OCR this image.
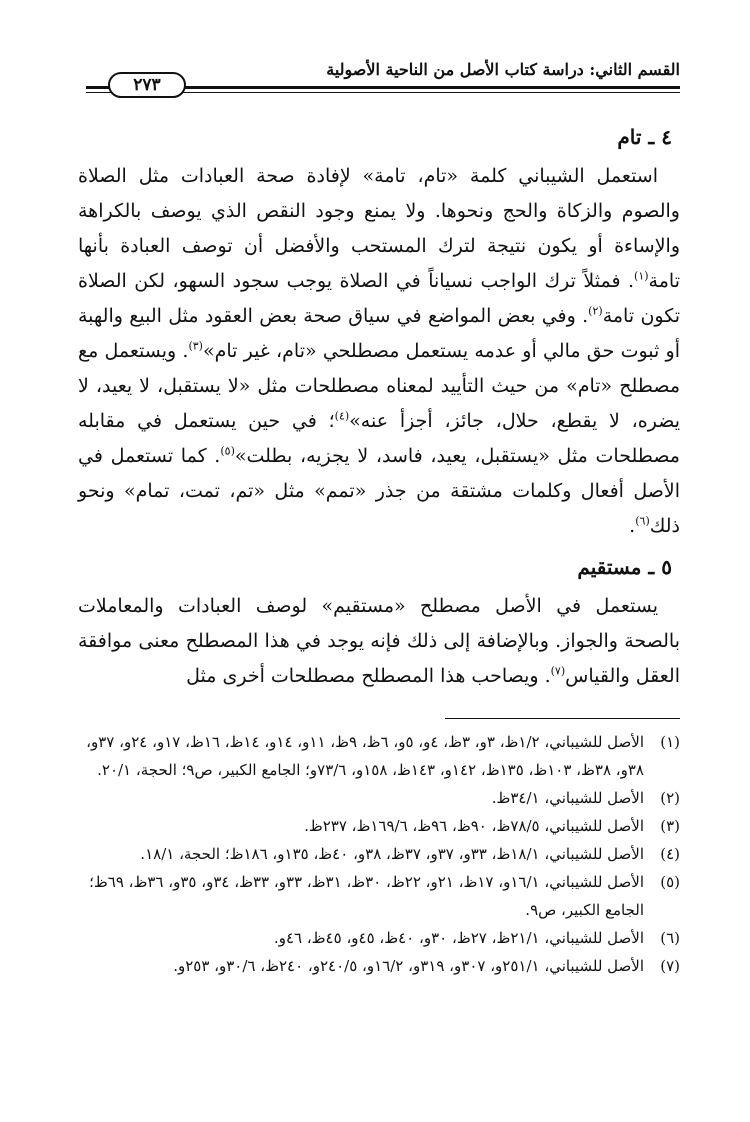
القسم الثاني: دراسة كتاب الأصل من الناحية الأصولية
٢٧٣
٤ ـ تام

استعمل الشيباني كلمة «تام، تامة» لإفادة صحة العبادات مثل الصلاة والصوم والزكاة والحج ونحوها. ولا يمنع وجود النقص الذي يوصف بالكراهة والإساءة أو يكون نتيجة لترك المستحب والأفضل أن توصف العبادة بأنها تامة$^{(١)}$. فمثلاً ترك الواجب نسياناً في الصلاة يوجب سجود السهو، لكن الصلاة تكون تامة$^{(٢)}$. وفي بعض المواضع في سياق صحة بعض العقود مثل البيع والهبة أو ثبوت حق مالي أو عدمه يستعمل مصطلحي «تام، غير تام»$^{(٣)}$. ويستعمل مع مصطلح «تام» من حيث التأييد لمعناه مصطلحات مثل «لا يستقبل، لا يعيد، لا يضره، لا يقطع، حلال، جائز، أجزأ عنه»$^{(٤)}$؛ في حين يستعمل في مقابله مصطلحات مثل «يستقبل، يعيد، فاسد، لا يجزيه، بطلت»$^{(٥)}$. كما تستعمل في الأصل أفعال وكلمات مشتقة من جذر «تمم» مثل «تم، تمت، تمام» ونحو ذلك$^{(٦)}$.

٥ ـ مستقيم

يستعمل في الأصل مصطلح «مستقيم» لوصف العبادات والمعاملات بالصحة والجواز. وبالإضافة إلى ذلك فإنه يوجد في هذا المصطلح معنى موافقة العقل والقياس$^{(٧)}$. ويصاحب هذا المصطلح مصطلحات أخرى مثل

(١)
الأصل للشيباني، ١/٢ظ، ٣و، ٣ظ، ٤و، ٥و، ٦ظ، ٩ظ، ١١و، ١٤و، ١٤ظ، ١٦ظ، ١٧و، ٢٤و، ٣٧و، ٣٨و، ٣٨ظ، ١٠٣ظ، ١٣٥ظ، ١٤٢و، ١٤٣ظ، ١٥٨و، ٧٣/٦و؛ الجامع الكبير، ص٩؛ الحجة، ٢٠/١.
(٢)
الأصل للشيباني، ٣٤/١ظ.
(٣)
الأصل للشيباني، ٧٨/٥ظ، ٩٠ظ، ٩٦ظ، ١٦٩/٦ظ، ٢٣٧ظ.
(٤)
الأصل للشيباني، ١٨/١ظ، ٣٣و، ٣٧و، ٣٧ظ، ٣٨و، ٤٠ظ، ١٣٥و، ١٨٦ظ؛ الحجة، ١٨/١.
(٥)
الأصل للشيباني، ١٦/١و، ١٧ظ، ٢١و، ٢٢ظ، ٣٠ظ، ٣١ظ، ٣٣و، ٣٣ظ، ٣٤و، ٣٥و، ٣٦ظ، ٦٩ظ؛ الجامع الكبير، ص٩.
(٦)
الأصل للشيباني، ٢١/١ظ، ٢٧ظ، ٣٠و، ٤٠ظ، ٤٥و، ٤٥ظ، ٤٦و.
(٧)
الأصل للشيباني، ٢٥١/١و، ٣٠٧و، ٣١٩و، ١٦/٢و، ٢٤٠/٥و، ٢٤٠ظ، ٣٠/٦و، ٢٥٣و.
